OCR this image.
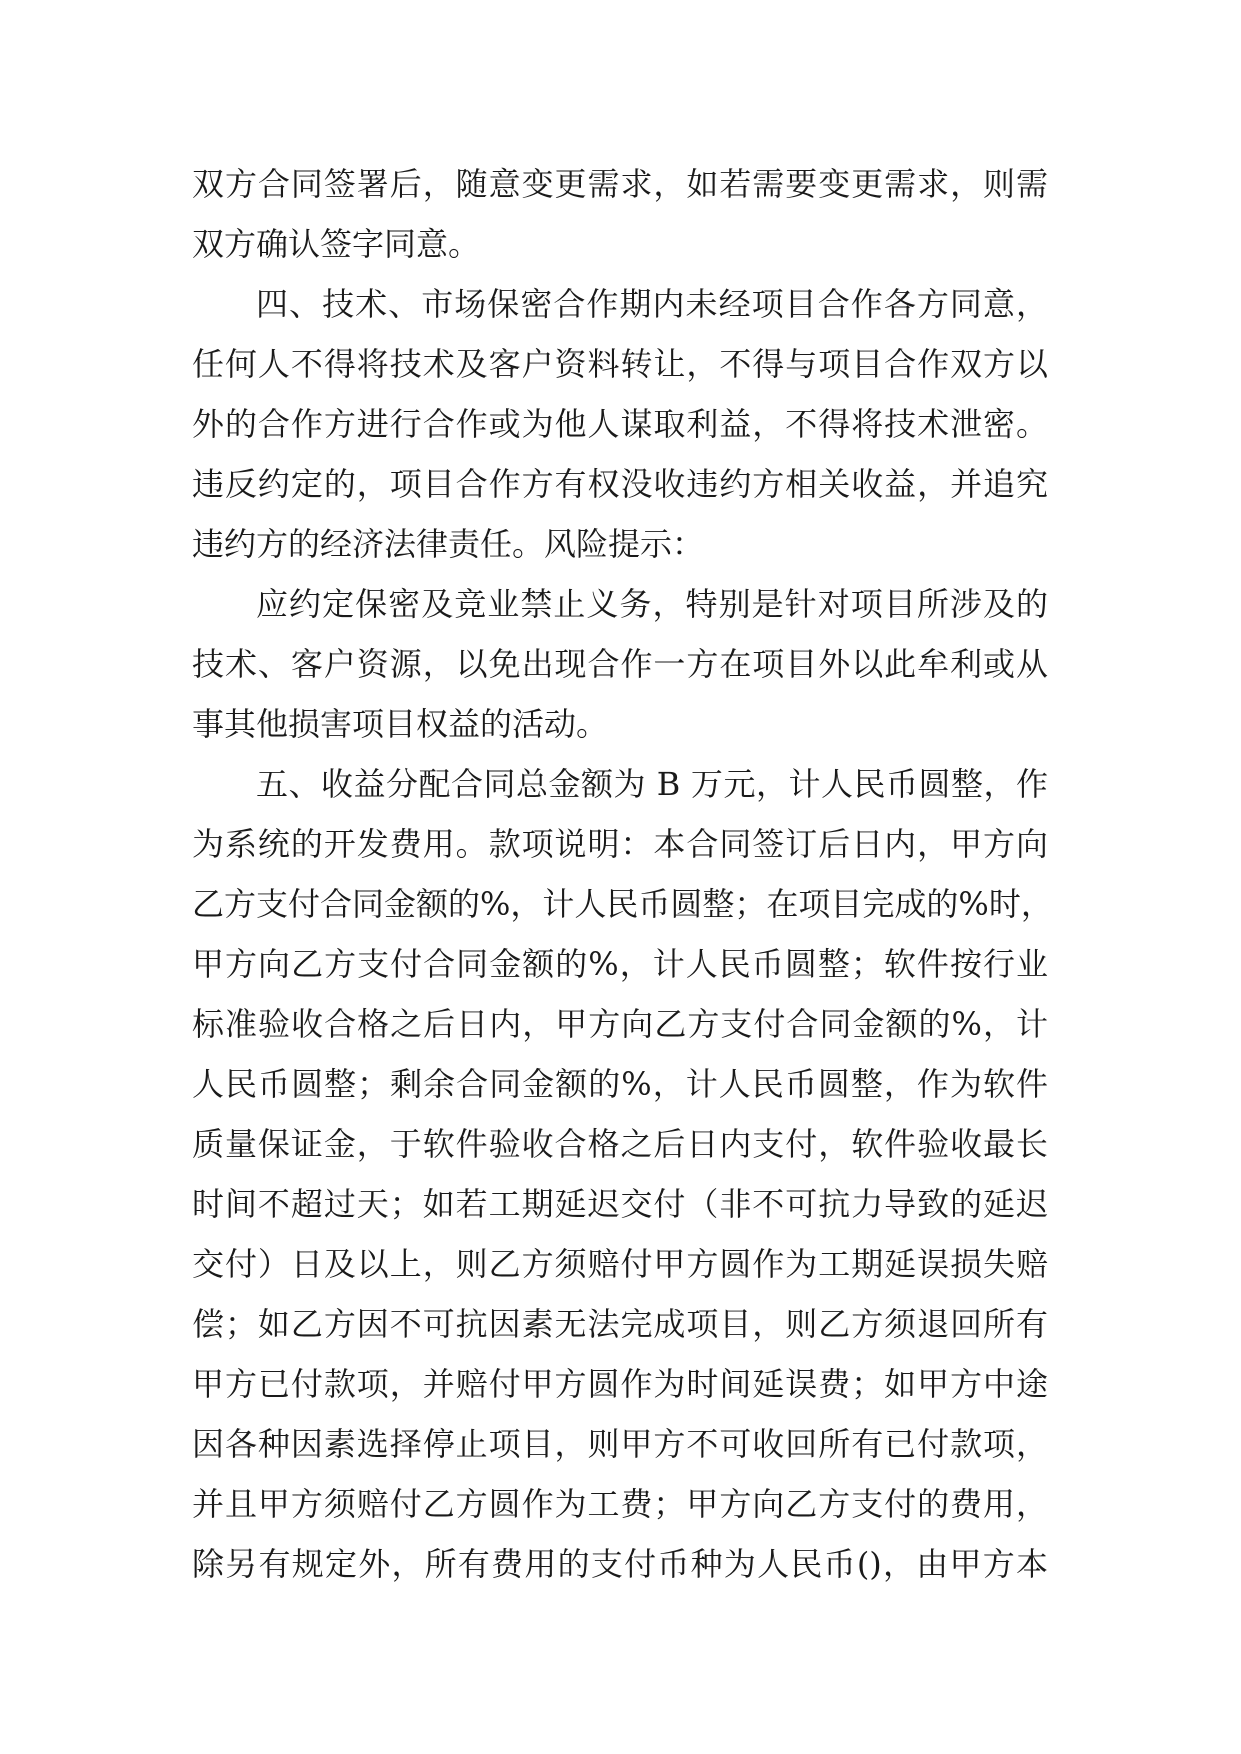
双方合同签署后，随意变更需求，如若需要变更需求，则需
双方确认签字同意。
四、技术、市场保密合作期内未经项目合作各方同意，
任何人不得将技术及客户资料转让，不得与项目合作双方以
外的合作方进行合作或为他人谋取利益，不得将技术泄密。
违反约定的，项目合作方有权没收违约方相关收益，并追究
违约方的经济法律责任。风险提示：
应约定保密及竞业禁止义务，特别是针对项目所涉及的
技术、客户资源，以免出现合作一方在项目外以此牟利或从
事其他损害项目权益的活动。
五、收益分配合同总金额为 B 万元，计人民币圆整，作
为系统的开发费用。款项说明：本合同签订后日内，甲方向
乙方支付合同金额的%，计人民币圆整；在项目完成的%时，
甲方向乙方支付合同金额的%，计人民币圆整；软件按行业
标准验收合格之后日内，甲方向乙方支付合同金额的%，计
人民币圆整；剩余合同金额的%，计人民币圆整，作为软件
质量保证金，于软件验收合格之后日内支付，软件验收最长
时间不超过天；如若工期延迟交付（非不可抗力导致的延迟
交付）日及以上，则乙方须赔付甲方圆作为工期延误损失赔
偿；如乙方因不可抗因素无法完成项目，则乙方须退回所有
甲方已付款项，并赔付甲方圆作为时间延误费；如甲方中途
因各种因素选择停止项目，则甲方不可收回所有已付款项，
并且甲方须赔付乙方圆作为工费；甲方向乙方支付的费用，
除另有规定外，所有费用的支付币种为人民币()，由甲方本
